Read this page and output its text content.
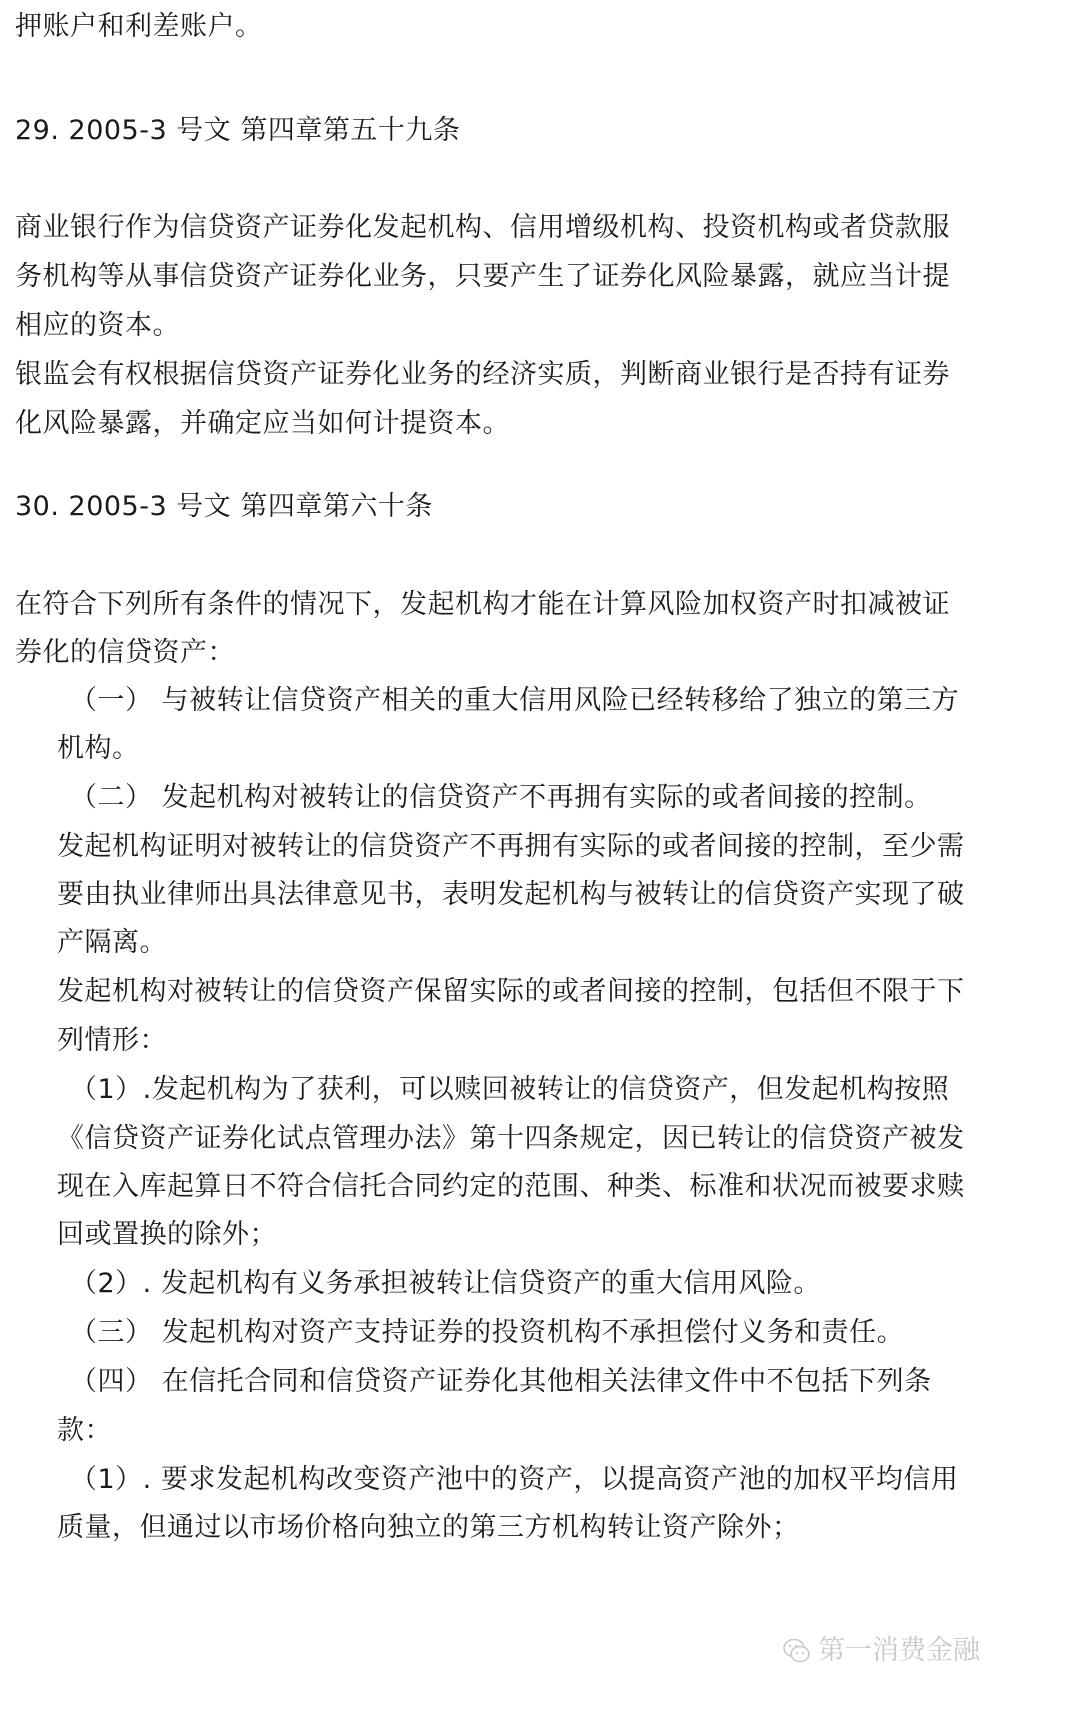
押账户和利差账户。
29. 2005-3 号文 第四章第五十九条
商业银行作为信贷资产证券化发起机构、信用增级机构、投资机构或者贷款服
务机构等从事信贷资产证券化业务，只要产生了证券化风险暴露，就应当计提
相应的资本。
银监会有权根据信贷资产证券化业务的经济实质，判断商业银行是否持有证券
化风险暴露，并确定应当如何计提资本。
30. 2005-3 号文 第四章第六十条
在符合下列所有条件的情况下，发起机构才能在计算风险加权资产时扣减被证
券化的信贷资产：
（一） 与被转让信贷资产相关的重大信用风险已经转移给了独立的第三方
机构。
（二） 发起机构对被转让的信贷资产不再拥有实际的或者间接的控制。
发起机构证明对被转让的信贷资产不再拥有实际的或者间接的控制，至少需
要由执业律师出具法律意见书，表明发起机构与被转让的信贷资产实现了破
产隔离。
发起机构对被转让的信贷资产保留实际的或者间接的控制，包括但不限于下
列情形：
（1）.发起机构为了获利，可以赎回被转让的信贷资产，但发起机构按照
《信贷资产证券化试点管理办法》第十四条规定，因已转让的信贷资产被发
现在入库起算日不符合信托合同约定的范围、种类、标准和状况而被要求赎
回或置换的除外；
（2）. 发起机构有义务承担被转让信贷资产的重大信用风险。
（三） 发起机构对资产支持证券的投资机构不承担偿付义务和责任。
（四） 在信托合同和信贷资产证券化其他相关法律文件中不包括下列条
款：
（1）. 要求发起机构改变资产池中的资产，以提高资产池的加权平均信用
质量，但通过以市场价格向独立的第三方机构转让资产除外；
第一消费金融
